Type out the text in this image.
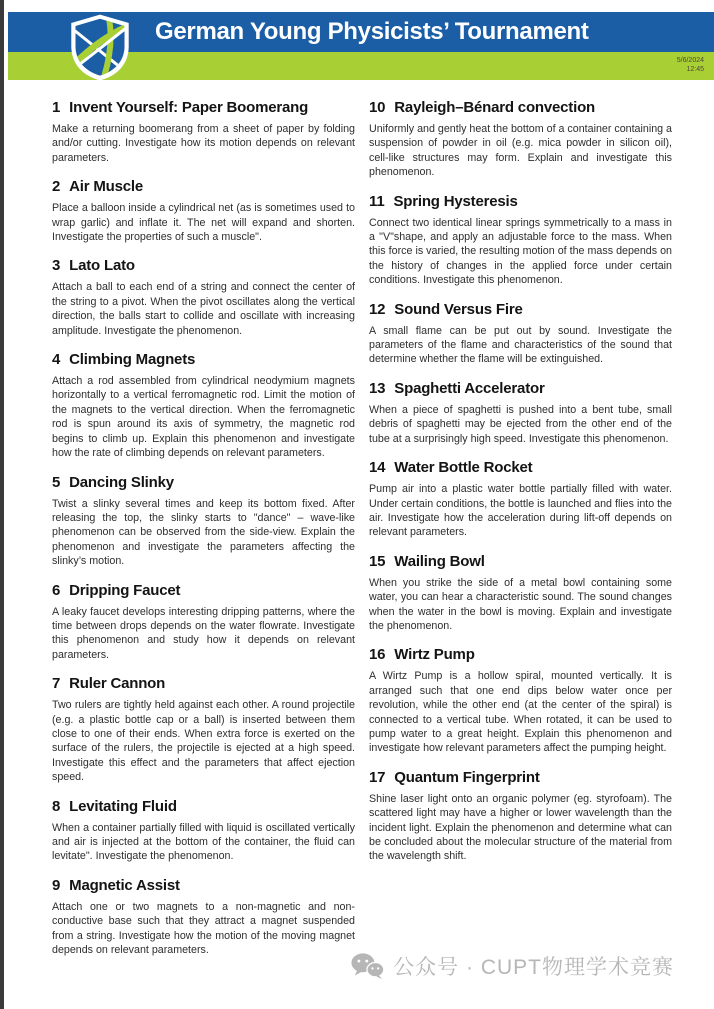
5/6/2024
12:45
German Young Physicists’ Tournament
1 Invent Yourself: Paper Boomerang

Make a returning boomerang from a sheet of paper by folding and/or cutting. Investigate how its motion depends on relevant parameters.

2 Air Muscle

Place a balloon inside a cylindrical net (as is sometimes used to wrap garlic) and inflate it. The net will expand and shorten. Investigate the properties of such a muscle".

3 Lato Lato

Attach a ball to each end of a string and connect the center of the string to a pivot. When the pivot oscillates along the vertical direction, the balls start to collide and oscillate with increasing amplitude. Investigate the phenomenon.

4 Climbing Magnets

Attach a rod assembled from cylindrical neodymium magnets horizontally to a vertical ferromagnetic rod. Limit the motion of the magnets to the vertical direction. When the ferromagnetic rod is spun around its axis of symmetry, the magnetic rod begins to climb up. Explain this phenomenon and investigate how the rate of climbing depends on relevant parameters.

5 Dancing Slinky

Twist a slinky several times and keep its bottom fixed. After releasing the top, the slinky starts to "dance" – wave-like phenomenon can be observed from the side-view. Explain the phenomenon and investigate the parameters affecting the slinky’s motion.

6 Dripping Faucet

A leaky faucet develops interesting dripping patterns, where the time between drops depends on the water flowrate. Investigate this phenomenon and study how it depends on relevant parameters.

7 Ruler Cannon

Two rulers are tightly held against each other. A round projectile (e.g. a plastic bottle cap or a ball) is inserted between them close to one of their ends. When extra force is exerted on the surface of the rulers, the projectile is ejected at a high speed. Investigate this effect and the parameters that affect ejection speed.

8 Levitating Fluid

When a container partially filled with liquid is oscillated vertically and air is injected at the bottom of the container, the fluid can levitate". Investigate the phenomenon.

9 Magnetic Assist

Attach one or two magnets to a non-magnetic and non- conductive base such that they attract a magnet suspended from a string. Investigate how the motion of the moving magnet depends on relevant parameters.

10 Rayleigh–Bénard convection

Uniformly and gently heat the bottom of a container containing a suspension of powder in oil (e.g. mica powder in silicon oil), cell-like structures may form. Explain and investigate this phenomenon.

11 Spring Hysteresis

Connect two identical linear springs symmetrically to a mass in a "V"shape, and apply an adjustable force to the mass. When this force is varied, the resulting motion of the mass depends on the history of changes in the applied force under certain conditions. Investigate this phenomenon.

12 Sound Versus Fire

A small flame can be put out by sound. Investigate the parameters of the flame and characteristics of the sound that determine whether the flame will be extinguished.

13 Spaghetti Accelerator

When a piece of spaghetti is pushed into a bent tube, small debris of spaghetti may be ejected from the other end of the tube at a surprisingly high speed. Investigate this phenomenon.

14 Water Bottle Rocket

Pump air into a plastic water bottle partially filled with water. Under certain conditions, the bottle is launched and flies into the air. Investigate how the acceleration during lift-off depends on relevant parameters.

15 Wailing Bowl

When you strike the side of a metal bowl containing some water, you can hear a characteristic sound. The sound changes when the water in the bowl is moving. Explain and investigate the phenomenon.

16 Wirtz Pump

A Wirtz Pump is a hollow spiral, mounted vertically. It is arranged such that one end dips below water once per revolution, while the other end (at the center of the spiral) is connected to a vertical tube. When rotated, it can be used to pump water to a great height. Explain this phenomenon and investigate how relevant parameters affect the pumping height.

17 Quantum Fingerprint

Shine laser light onto an organic polymer (eg. styrofoam). The scattered light may have a higher or lower wavelength than the incident light. Explain the phenomenon and determine what can be concluded about the molecular structure of the material from the wavelength shift.

公众号 · CUPT物理学术竞赛
